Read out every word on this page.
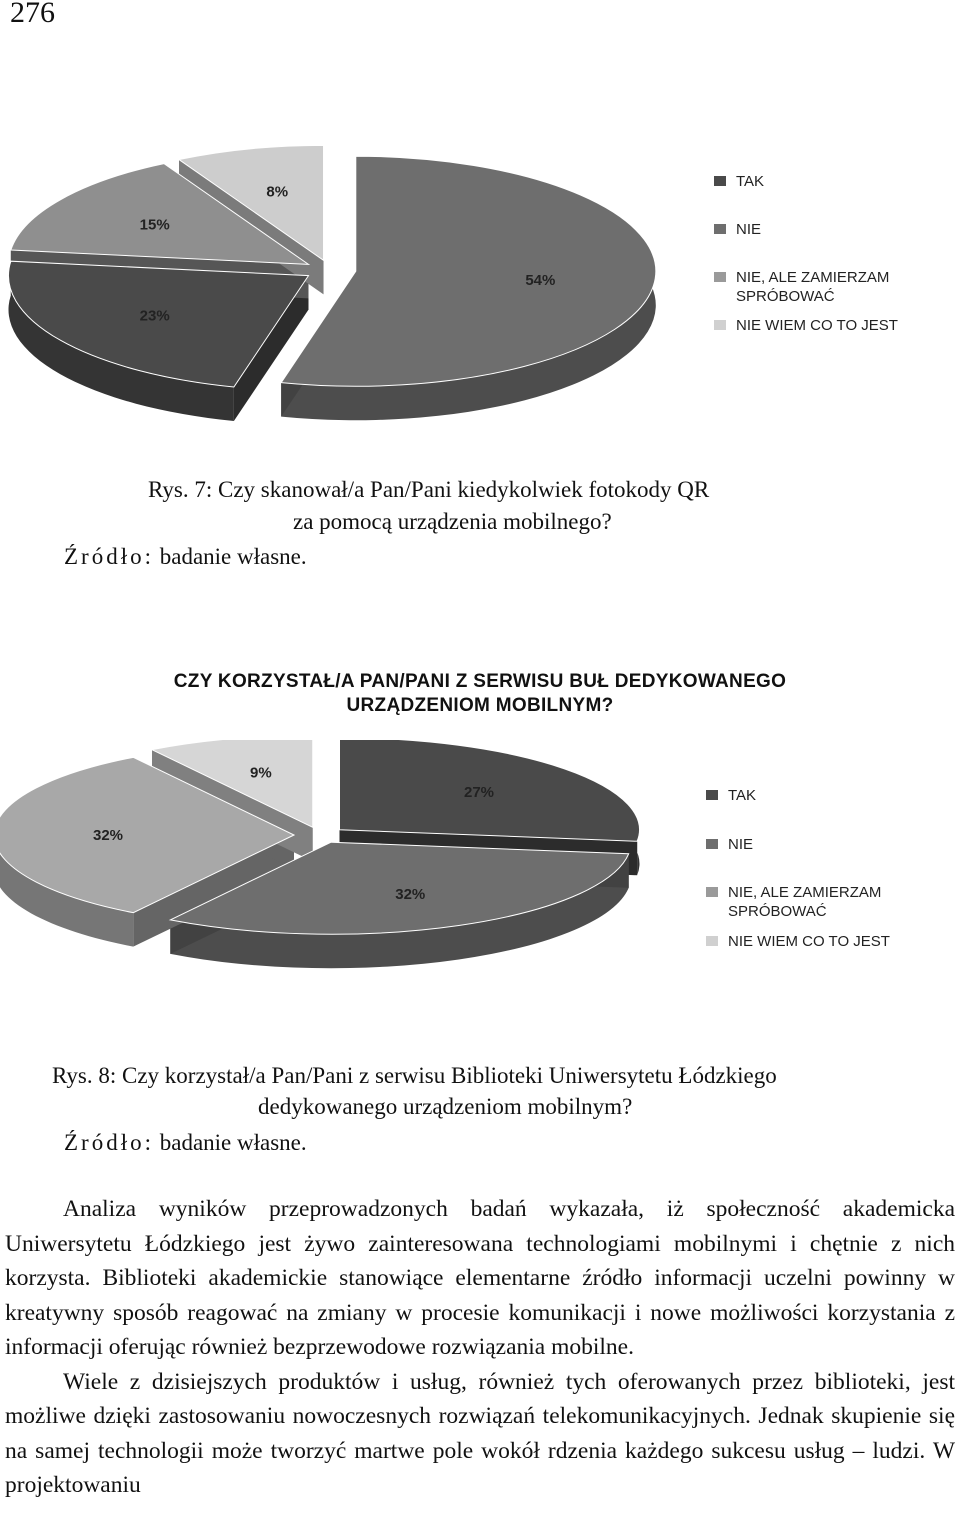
276
54%
23%
15%
8%
TAK
NIE
NIE, ALE ZAMIERZAM
SPRÓBOWAĆ
NIE WIEM CO TO JEST
Rys. 7: Czy skanował/a Pan/Pani kiedykolwiek fotokody QR
za pomocą urządzenia mobilnego?
Źródło: badanie własne.
CZY KORZYSTAŁ/A PAN/PANI Z SERWISU BUŁ DEDYKOWANEGO
URZĄDZENIOM MOBILNYM?
27%
32%
32%
9%
TAK
NIE
NIE, ALE ZAMIERZAM
SPRÓBOWAĆ
NIE WIEM CO TO JEST
Rys. 8: Czy korzystał/a Pan/Pani z serwisu Biblioteki Uniwersytetu Łódzkiego
dedykowanego urządzeniom mobilnym?
Źródło: badanie własne.

Analiza wyników przeprowadzonych badań wykazała, iż społeczność akademicka Uniwersytetu Łódzkiego jest żywo zainteresowana technologiami mobilnymi i chętnie z nich korzysta. Biblioteki akademickie stanowiące elementarne źródło informacji uczelni powinny w kreatywny sposób reagować na zmiany w procesie komunikacji i nowe możliwości korzystania z informacji oferując również bezprzewodowe rozwiązania mobilne.

Wiele z dzisiejszych produktów i usług, również tych oferowanych przez biblioteki, jest możliwe dzięki zastosowaniu nowoczesnych rozwiązań telekomunikacyjnych. Jednak skupienie się na samej technologii może tworzyć martwe pole wokół rdzenia każdego sukcesu usług – ludzi. W projektowaniu
